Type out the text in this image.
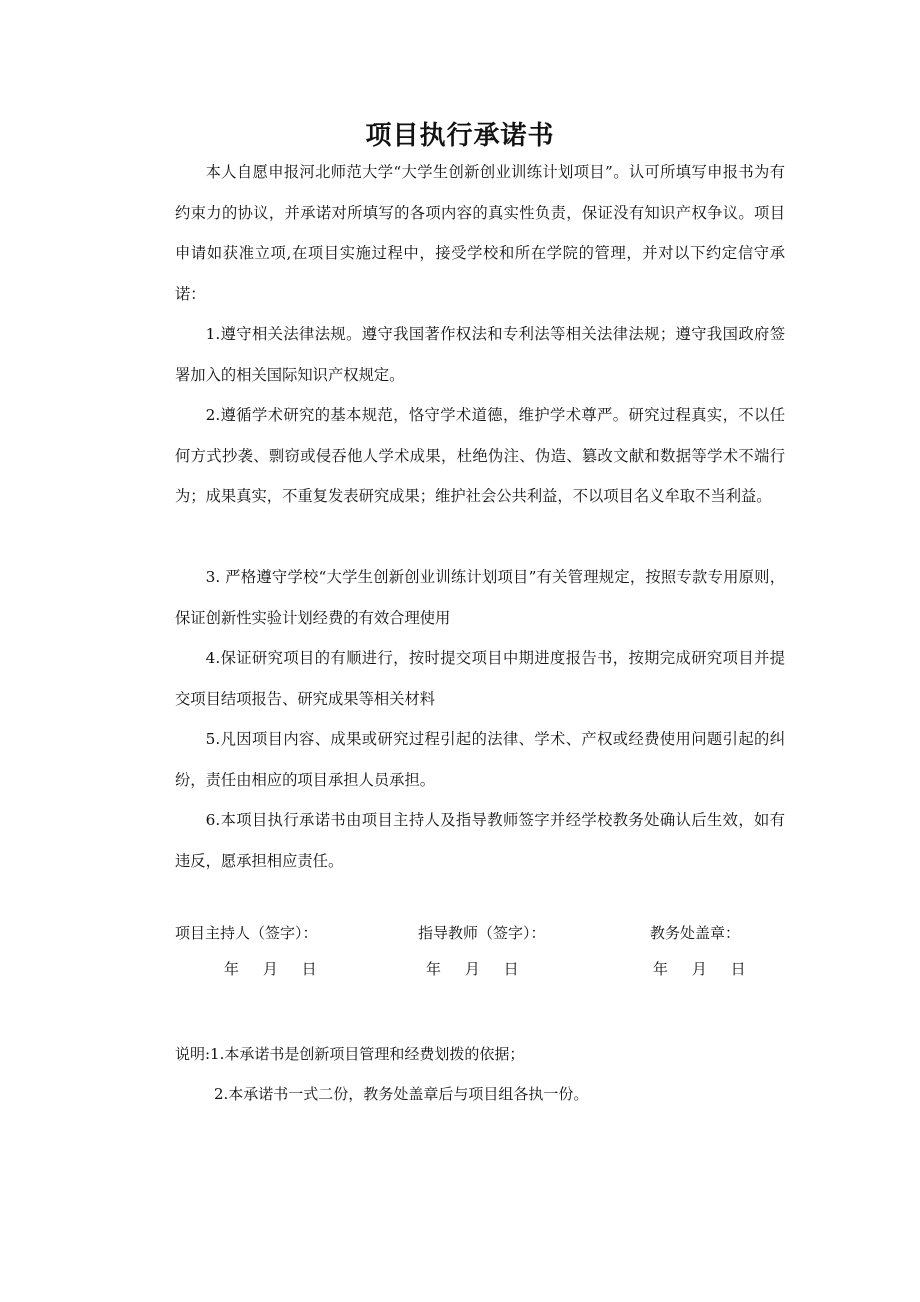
项目执行承诺书

本人自愿申报河北师范大学“大学生创新创业训练计划项目”。认可所填写申报书为有约束力的协议，并承诺对所填写的各项内容的真实性负责，保证没有知识产权争议。项目申请如获准立项,在项目实施过程中，接受学校和所在学院的管理，并对以下约定信守承诺：

1.遵守相关法律法规。遵守我国著作权法和专利法等相关法律法规；遵守我国政府签署加入的相关国际知识产权规定。

2.遵循学术研究的基本规范，恪守学术道德，维护学术尊严。研究过程真实，不以任何方式抄袭、剽窃或侵吞他人学术成果，杜绝伪注、伪造、篡改文献和数据等学术不端行为；成果真实，不重复发表研究成果；维护社会公共利益，不以项目名义牟取不当利益。

3. 严格遵守学校“大学生创新创业训练计划项目”有关管理规定，按照专款专用原则，保证创新性实验计划经费的有效合理使用

4.保证研究项目的有顺进行，按时提交项目中期进度报告书，按期完成研究项目并提交项目结项报告、研究成果等相关材料

5.凡因项目内容、成果或研究过程引起的法律、学术、产权或经费使用问题引起的纠纷，责任由相应的项目承担人员承担。

6.本项目执行承诺书由项目主持人及指导教师签字并经学校教务处确认后生效，如有违反，愿承担相应责任。

项目主持人（签字）：	指导教师（签字）：	教务处盖章：
年     月     日	年     月     日	年     月     日
说明:1.本承诺书是创新项目管理和经费划拨的依据；
2.本承诺书一式二份，教务处盖章后与项目组各执一份。
